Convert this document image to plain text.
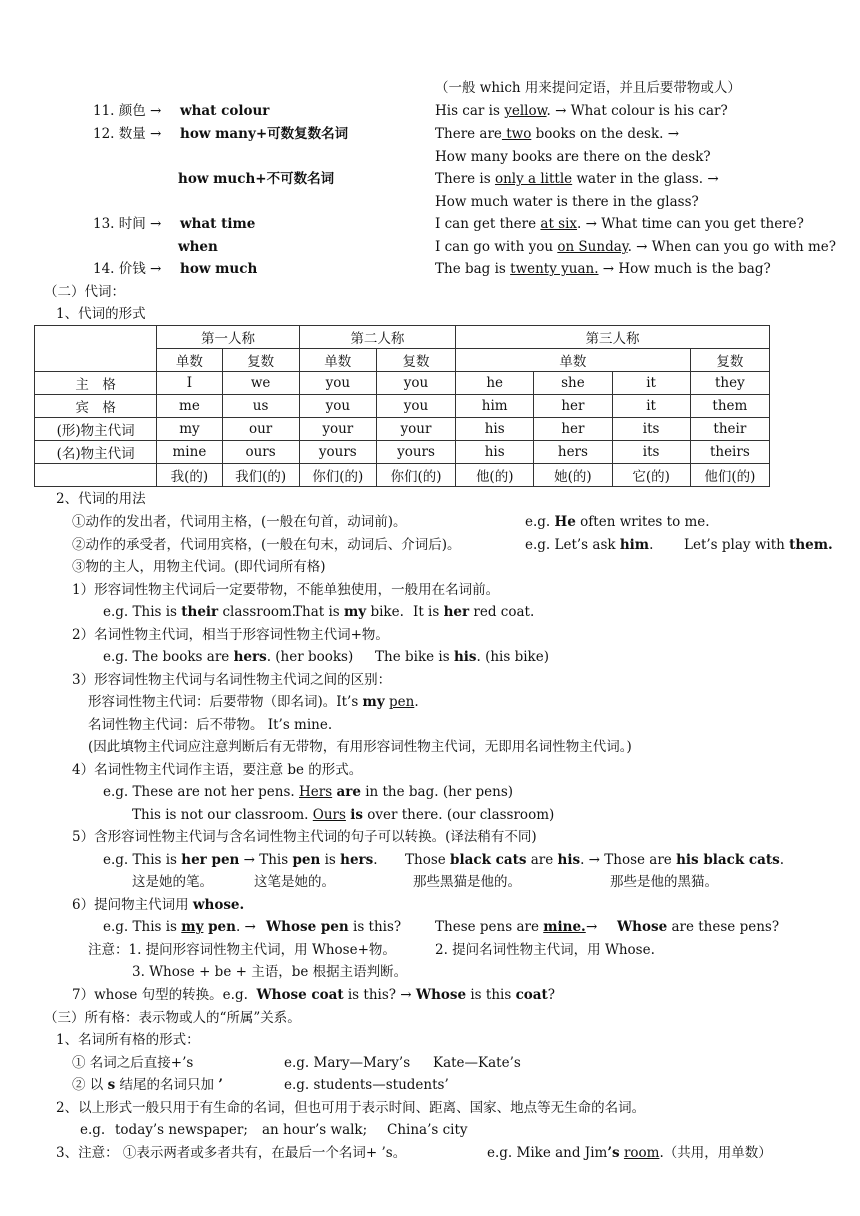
（一般 which 用来提问定语，并且后要带物或人）
11. 颜色 → what colour	His car is yellow. → What colour is his car?
12. 数量 → how many+可数复数名词	There are two books on the desk. →
How many books are there on the desk?
how much+不可数名词	There is only a little water in the glass. →
How much water is there in the glass?
13. 时间 → what time	I can get there at six. → What time can you get there?
when	I can go with you on Sunday. → When can you go with me?
14. 价钱 → how much	The bag is twenty yuan. → How much is the bag?
（二）代词：
1、代词的形式
	第一人称		第二人称		第三人称			
	单数	复数	单数	复数	单数			复数
主　格	I	we	you	you	he	she	it	they
宾　格	me	us	you	you	him	her	it	them
(形)物主代词	my	our	your	your	his	her	its	their
(名)物主代词	mine	ours	yours	yours	his	hers	its	theirs
	我(的)	我们(的)	你们(的)	你们(的)	他(的)	她(的)	它(的)	他们(的)
2、代词的用法
①动作的发出者，代词用主格，(一般在句首，动词前)。	e.g. He often writes to me.
②动作的承受者，代词用宾格，(一般在句末，动词后、介词后)。	e.g. Let’s ask him. Let’s play with them.
③物的主人，用物主代词。(即代词所有格)
1）形容词性物主代词后一定要带物，不能单独使用，一般用在名词前。
e.g. This is their classroom.
That is my bike. It is her red coat.
2）名词性物主代词，相当于形容词性物主代词+物。
e.g. The books are hers. (her books) The bike is his. (his bike)
3）形容词性物主代词与名词性物主代词之间的区别：
形容词性物主代词：后要带物（即名词)。It’s my pen.
名词性物主代词：后不带物。 It’s mine.
(因此填物主代词应注意判断后有无带物，有用形容词性物主代词，无即用名词性物主代词。)
4）名词性物主代词作主语，要注意 be 的形式。
e.g. These are not her pens. Hers are in the bag. (her pens)
This is not our classroom. Ours is over there. (our classroom)
5）含形容词性物主代词与含名词性物主代词的句子可以转换。(译法稍有不同)
e.g. This is her pen → This pen is hers. Those black cats are his. → Those are his black cats.
这是她的笔。	这笔是她的。	那些黑猫是他的。	那些是他的黑猫。
6）提问物主代词用 whose.
e.g. This is my pen. → Whose pen is this?	These pens are mine. → Whose are these pens?
注意：1. 提问形容词性物主代词，用 Whose+物。	2. 提问名词性物主代词，用 Whose.
3. Whose + be + 主语，be 根据主语判断。
7）whose 句型的转换。e.g. Whose coat is this? → Whose is this coat?
（三）所有格：表示物或人的“所属”关系。
1、名词所有格的形式：
① 名词之后直接+’s	e.g. Mary—Mary’s Kate—Kate’s
② 以 s 结尾的名词只加 ’	e.g. students—students’
2、以上形式一般只用于有生命的名词，但也可用于表示时间、距离、国家、地点等无生命的名词。
e.g. today’s newspaper; an hour’s walk; China’s city
3、注意： ①表示两者或多者共有，在最后一个名词+ ’s。	e.g. Mike and Jim’s room.（共用，用单数）
